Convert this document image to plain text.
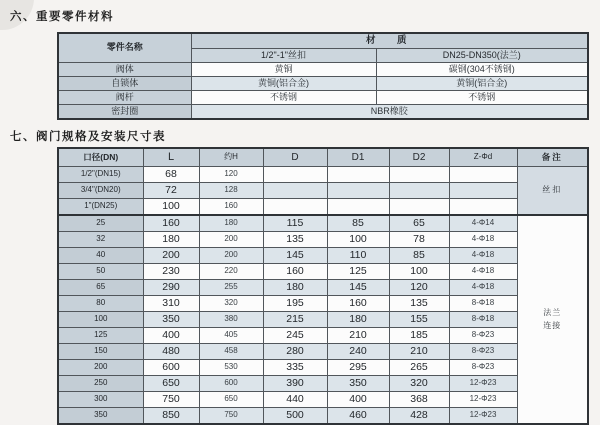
六、重要零件材料
零件名称	材　质	
	1/2"-1"丝扣	DN25-DN350(法兰)
阀体	黄铜	碳钢(304不锈钢)
自锁体	黄铜(铝合金)	黄铜(铝合金)
阀杆	不锈钢	不锈钢
密封圈	NBR橡胶	
七、阀门规格及安装尺寸表
口径(DN)	L	约H	D	D1	D2	Z-Φd	备注
1/2"(DN15)	68	120					丝扣
3/4"(DN20)	72	128					
1"(DN25)	100	160					
25	160	180	115	85	65	4-Φ14	法兰连接
32	180	200	135	100	78	4-Φ18	
40	200	200	145	110	85	4-Φ18	
50	230	220	160	125	100	4-Φ18	
65	290	255	180	145	120	4-Φ18	
80	310	320	195	160	135	8-Φ18	
100	350	380	215	180	155	8-Φ18	
125	400	405	245	210	185	8-Φ23	
150	480	458	280	240	210	8-Φ23	
200	600	530	335	295	265	8-Φ23	
250	650	600	390	350	320	12-Φ23	
300	750	650	440	400	368	12-Φ23	
350	850	750	500	460	428	12-Φ23	
